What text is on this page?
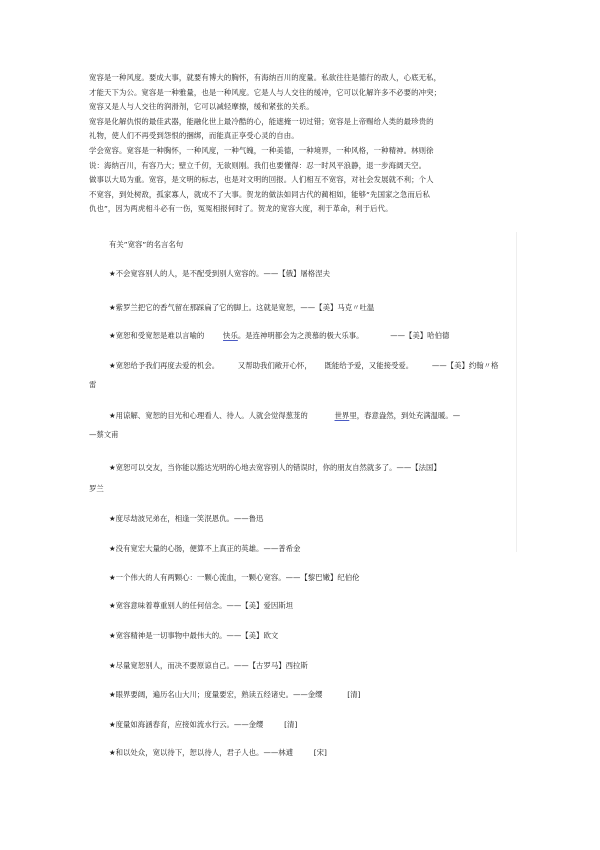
宽容是一种风度。要成大事，就要有博大的胸怀，有海纳百川的度量。私欲往往是德行的敌人，心底无私，

才能天下为公。宽容是一种雅量，也是一种风度。它是人与人交往的缓冲，它可以化解许多不必要的冲突；

宽容又是人与人交往的润滑剂，它可以减轻摩擦，缓和紧张的关系。

宽容是化解仇恨的最佳武器，能融化世上最冷酷的心，能遮掩一切过错；宽容是上帝赐给人类的最珍贵的

礼物，使人们不再受到怨恨的捆绑，而能真正享受心灵的自由。

学会宽容。宽容是一种胸怀，一种风度，一种气魄，一种美德，一种境界，一种风格，一种精神。林则徐

说：海纳百川，有容乃大；壁立千仞，无欲则刚。我们也要懂得：忍一时风平浪静，退一步海阔天空。

做事以大局为重。宽容，是文明的标志，也是对文明的回报。人们相互不宽容，对社会发展就不利；个人

不宽容，到处树敌，孤家寡人，就成不了大事。贺龙的做法如同古代的蔺相如，能够“先国家之急而后私

仇也”，因为两虎相斗必有一伤，冤冤相报何时了。贺龙的宽容大度，利于革命，利于后代。

有关”宽容”的名言名句
★不会宽容别人的人，是不配受到别人宽容的。——【俄】屠格涅夫
★紫罗兰把它的香气留在那踩扁了它的脚上。这就是宽恕，——【美】马克〃吐温
★宽恕和受宽恕是难以言喻的	快乐。是连神明都会为之羡慕的极大乐事。	——【美】哈伯德
★宽恕给予我们再度去爱的机会。	又帮助我们敞开心怀， 既能给予爱，又能接受爱。	——【美】约翰〃格
雷
★用谅解、宽恕的目光和心理看人、待人。人就会觉得葱茏的	世界里，春意盎然，到处充满温暖。—
—蔡文甫
★宽恕可以交友，当你能以豁达光明的心地去宽容别人的错误时，你的朋友自然就多了。——【法国】
罗兰
★度尽劫波兄弟在，相逢一笑泯恩仇。——鲁迅
★没有宽宏大量的心肠，便算不上真正的英雄。——普希金
★一个伟大的人有两颗心：一颗心流血，一颗心宽容。——【黎巴嫩】纪伯伦
★宽容意味着尊重别人的任何信念。——【美】爱因斯坦
★宽容精神是一切事物中最伟大的。——【美】欧文
★尽量宽恕别人，而决不要原谅自己。——【古罗马】西拉斯
★眼界要阔，遍历名山大川；度量要宏，熟读五经诸史。——金缨	[清]
★度量如海涵春育，应接如流水行云。——金缨	[清]
★和以处众，宽以待下，恕以待人，君子人也。——林逋	[宋]
